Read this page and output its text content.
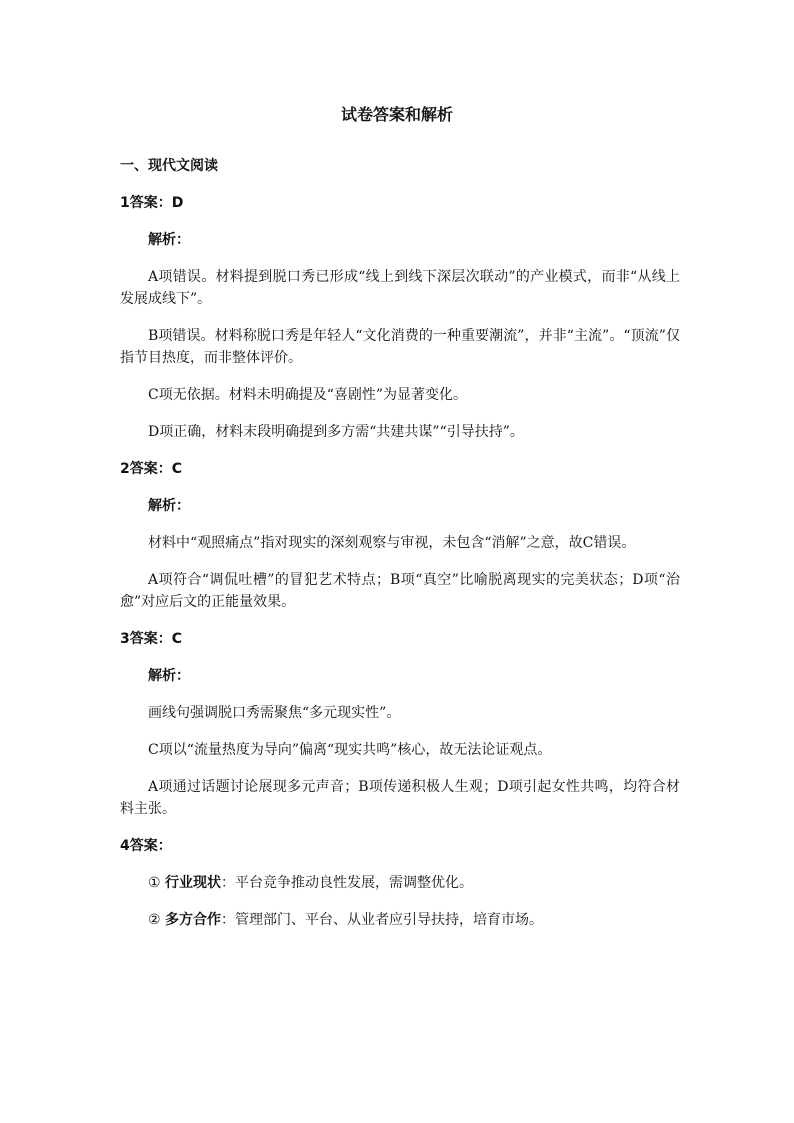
试卷答案和解析
一、现代文阅读
1答案：D
解析：
A项错误。材料提到脱口秀已形成“线上到线下深层次联动”的产业模式，而非“从线上发展成线下”。
B项错误。材料称脱口秀是年轻人“文化消费的一种重要潮流”，并非“主流”。“顶流”仅指节目热度，而非整体评价。
C项无依据。材料未明确提及“喜剧性”为显著变化。
D项正确，材料末段明确提到多方需“共建共谋”“引导扶持”。
2答案：C
解析：
材料中“观照痛点”指对现实的深刻观察与审视，未包含“消解”之意，故C错误。
A项符合“调侃吐槽”的冒犯艺术特点；B项“真空”比喻脱离现实的完美状态；D项“治愈”对应后文的正能量效果。
3答案：C
解析：
画线句强调脱口秀需聚焦“多元现实性”。
C项以“流量热度为导向”偏离“现实共鸣”核心，故无法论证观点。
A项通过话题讨论展现多元声音；B项传递积极人生观；D项引起女性共鸣，均符合材料主张。
4答案：
① 行业现状：平台竞争推动良性发展，需调整优化。
② 多方合作：管理部门、平台、从业者应引导扶持，培育市场。
